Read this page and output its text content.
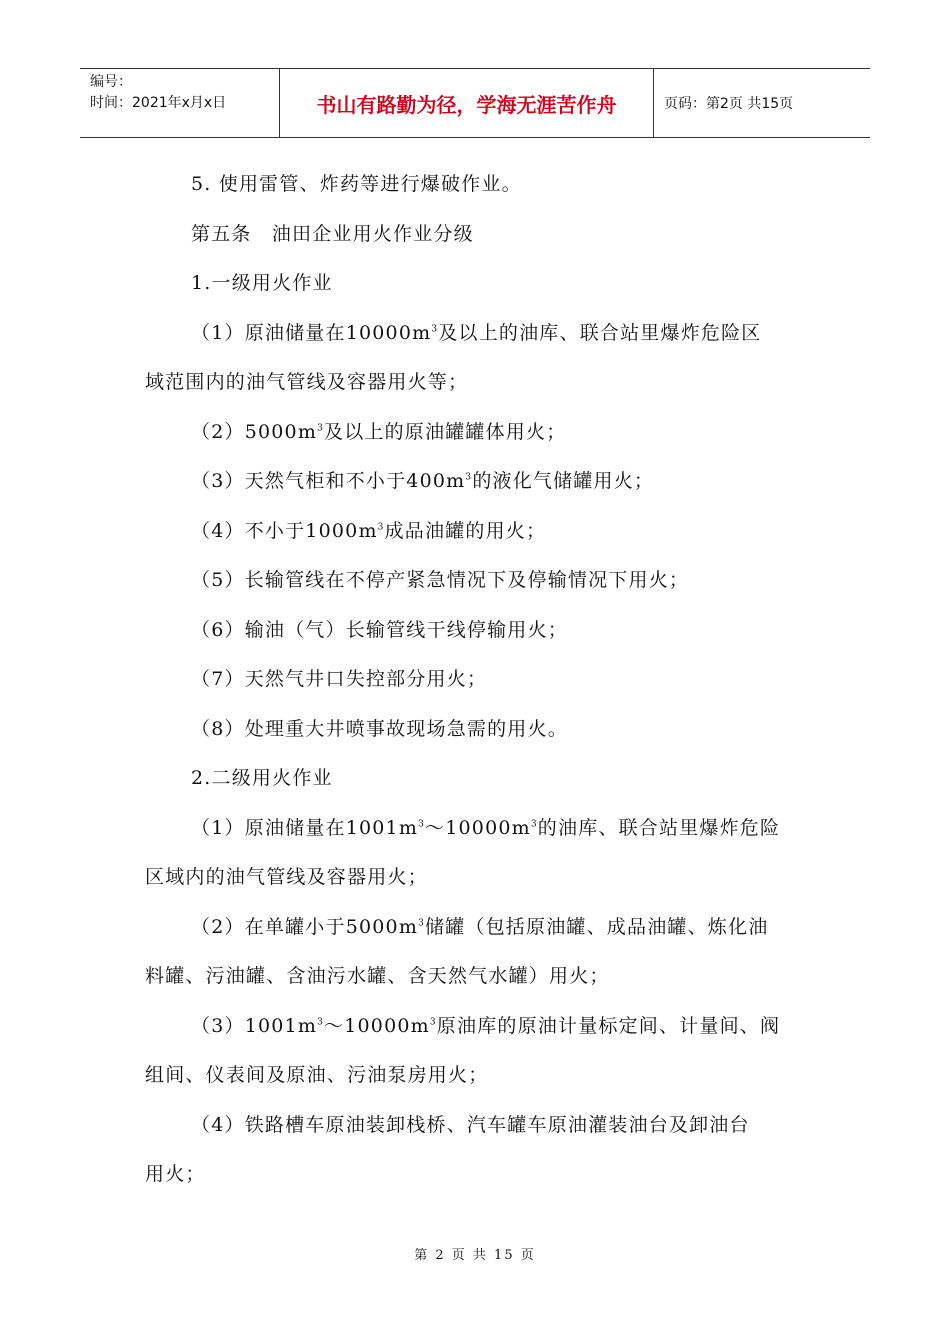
编号：
时间：2021年x月x日	书山有路勤为径，学海无涯苦作舟	页码：第2页 共15页
5. 使用雷管、炸药等进行爆破作业。
第五条　油田企业用火作业分级
1.一级用火作业
（1）原油储量在$10000m^3$及以上的油库、联合站里爆炸危险区
域范围内的油气管线及容器用火等；
$(2)5000m^3$及以上的原油罐罐体用火；
（3）天然气柜和不小于$400m^3$的液化气储罐用火；
（4）不小于$1000m^3$成品油罐的用火；
（5）长输管线在不停产紧急情况下及停输情况下用火；
（6）输油（气）长输管线干线停输用火；
（7）天然气井口失控部分用火；
（8）处理重大井喷事故现场急需的用火。
2.二级用火作业
（1）原油储量在$1001m^3\sim 10000m^3$的油库、联合站里爆炸危险
区域内的油气管线及容器用火；
（2）在单罐小于$5000m^3$储罐（包括原油罐、成品油罐、炼化油
料罐、污油罐、含油污水罐、含天然气水罐）用火；
$(3)1001m^3\sim 10000m^3$原油库的原油计量标定间、计量间、阀
组间、仪表间及原油、污油泵房用火；
（4）铁路槽车原油装卸栈桥、汽车罐车原油灌装油台及卸油台
用火；
第 2 页 共 15 页
